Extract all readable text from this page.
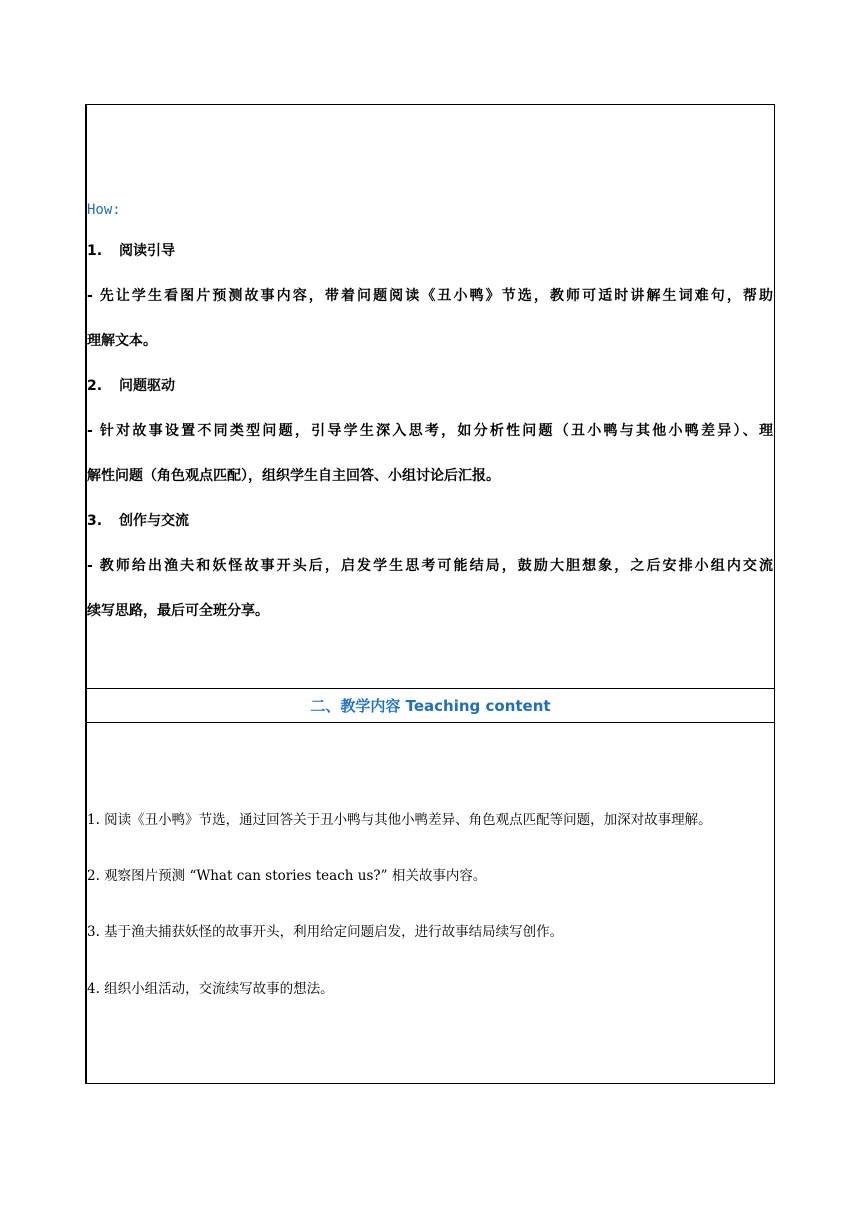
How:
1. 阅读引导
- 先让学生看图片预测故事内容，带着问题阅读《丑小鸭》节选，教师可适时讲解生词难句，帮助
理解文本。
2. 问题驱动
- 针对故事设置不同类型问题，引导学生深入思考，如分析性问题（丑小鸭与其他小鸭差异）、理
解性问题（角色观点匹配），组织学生自主回答、小组讨论后汇报。
3. 创作与交流
- 教师给出渔夫和妖怪故事开头后，启发学生思考可能结局，鼓励大胆想象，之后安排小组内交流
续写思路，最后可全班分享。
二、教学内容 Teaching content
1. 阅读《丑小鸭》节选，通过回答关于丑小鸭与其他小鸭差异、角色观点匹配等问题，加深对故事理解。
2. 观察图片预测 “What can stories teach us?” 相关故事内容。
3. 基于渔夫捕获妖怪的故事开头，利用给定问题启发，进行故事结局续写创作。
4. 组织小组活动，交流续写故事的想法。
